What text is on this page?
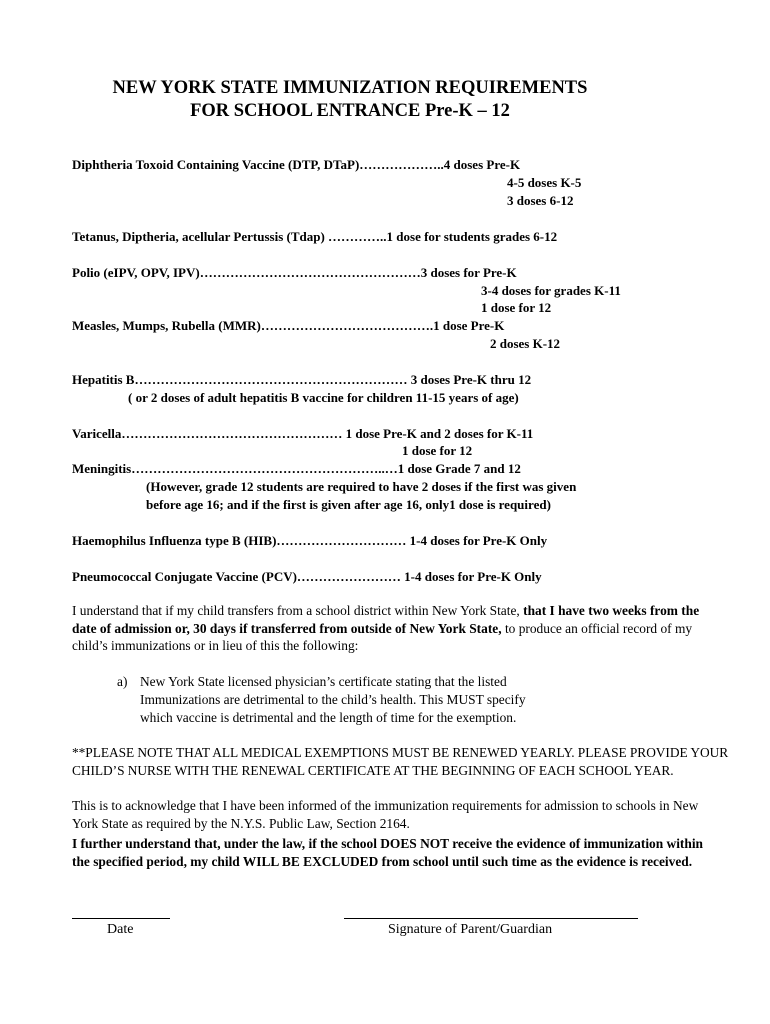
NEW YORK STATE IMMUNIZATION REQUIREMENTS
FOR SCHOOL ENTRANCE Pre-K – 12
Diphtheria Toxoid Containing Vaccine (DTP, DTaP)………………..4 doses Pre-K
4-5 doses K-5
3 doses 6-12
Tetanus, Diptheria, acellular Pertussis (Tdap) …………..1 dose for students grades 6-12
Polio (eIPV, OPV, IPV)……………………………………………3 doses for Pre-K
3-4 doses for grades K-11
1 dose for 12
Measles, Mumps, Rubella (MMR)………………………………….1 dose Pre-K
2 doses K-12
Hepatitis B……………………………………………………… 3 doses Pre-K thru 12
( or 2 doses of adult hepatitis B vaccine for children 11-15 years of age)
Varicella…………………………………………… 1 dose Pre-K and 2 doses for K-11
1 dose for 12
Meningitis…………………………………………………..…1 dose Grade 7 and 12
(However, grade 12 students are required to have 2 doses if the first was given
before age 16; and if the first is given after age 16, only1 dose is required)
Haemophilus Influenza type B (HIB)………………………… 1-4 doses for Pre-K Only
Pneumococcal Conjugate Vaccine (PCV)…………………… 1-4 doses for Pre-K Only
I understand that if my child transfers from a school district within New York State, that I have two weeks from the date of admission or, 30 days if transferred from outside of New York State, to produce an official record of my child’s immunizations or in lieu of this the following:
a) New York State licensed physician’s certificate stating that the listed
Immunizations are detrimental to the child’s health. This MUST specify
which vaccine is detrimental and the length of time for the exemption.
**PLEASE NOTE THAT ALL MEDICAL EXEMPTIONS MUST BE RENEWED YEARLY. PLEASE PROVIDE YOUR CHILD’S NURSE WITH THE RENEWAL CERTIFICATE AT THE BEGINNING OF EACH SCHOOL YEAR.
This is to acknowledge that I have been informed of the immunization requirements for admission to schools in New York State as required by the N.Y.S. Public Law, Section 2164.
I further understand that, under the law, if the school DOES NOT receive the evidence of immunization within the specified period, my child WILL BE EXCLUDED from school until such time as the evidence is received.
Date	Signature of Parent/Guardian
